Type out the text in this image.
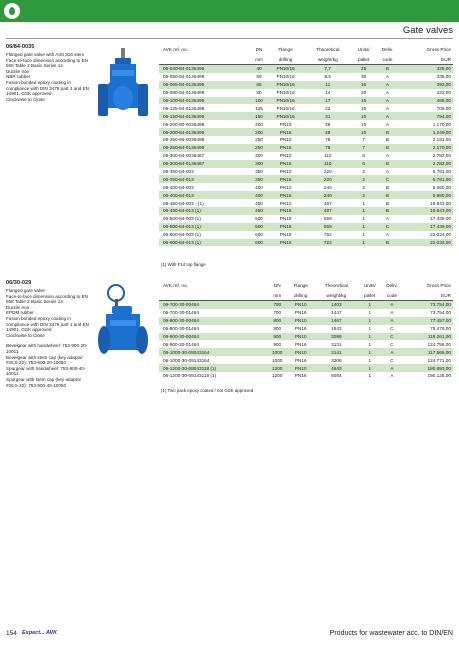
Gate valves
06/84-0035
Flanged gate valve with AISI 316 stem
Face-to-face dimension according to EN 558 Table 2 Basic Series 14
Ductile Iron
NBR rubber
Fusion bonded epoxy coating in compliance with DIN 3476 part 1 and EN 14901, GSK approved
Clockwise to Close
AVK ref. no.	DN	Flange	Theoretical	Units/	Deliv.	Gross Price
	mm	drilling	weight/kg	pallet	code	EUR
06-040-84-0136499	40	PN10/16	7,7	25	B	325,00
06-050-84-0136499	50	PN10/16	8,5	30	A	335,00
06-065-84-0136499	65	PN10/16	11	16	A	392,00
06-080-84-0136499	80	PN10/16	14	20	A	422,00
06-100-84-0136499	100	PN10/16	17	15	A	468,00
06-125-84-0136499	125	PN10/16	22	15	A	709,00
06-150-84-0136499	150	PN10/16	31	10	A	794,00
06-200-80-0036499	200	PN10	48	10	A	1.170,00
06-200-84-0136499	200	PN16	48	10	B	1.249,00
06-250-86-0036499	250	PN10	78	7	B	2.181,00
06-250-84-0136499	250	PN16	78	7	B	2.170,00
06-300-84-0036487	300	PN10	110	6	A	2.782,00
06-300-84-0136487	300	PN16	110	6	B	2.782,00
06-350-84-003	350	PN10	220	2	A	5.781,00
06-350-84-013	350	PN16	220	2	C	5.781,00
06-400-84-003	400	PN10	240	2	B	6.060,00
06-400-84-013	400	PN16	240	2	B	5.980,00
06-450-84-003 - (1)	450	PN10	487	1	B	19.543,00
06-450-84-013 (1)	450	PN16	487	1	B	19.543,00
06-500-84-003 (1)	500	PN10	559	1	A	17.439,00
06-500-84-013 (1)	500	PN16	559	1	C	17.439,00
06-600-84-003 (1)	600	PN10	762	1	A	22.034,00
06-600-84-013 (1)	600	PN16	722	1	B	22.034,00
(1) With F14 top flange
06/30-029
Flanged gate valve
Face-to-face dimension according to EN 558 Table 2 Basic Series 14
Ductile Iron
EPDM rubber
Fusion bonded epoxy coating in compliance with DIN 3476 part 1 and EN 14901, GSK approved
Clockwise to Close
Bevelgear with handwheel: 753-900-20-10011
Bevelgear with stem cap (key adaptor #26,5-32): 753-900-20-10050
Spurgear with handwheel: 753-900-40-10011
Spurgear with stem cap (key adaptor #26,5-32): 753-900-40-10050
AVK ref. no.	DN	Flange	Theoretical	Units/	Deliv.	Gross Price
	mm	drilling	weight/kg	pallet	code	EUR
06-700-30-00464	700	PN10	1403	1	A	73.754,00
06-700-30-01464	700	PN16	1447	1	A	73.754,00
06-800-30-00464	800	PN10	1467	1	A	77.457,00
06-800-30-01464	800	PN16	1543	1	C	75.478,00
06-900-30-00464	900	PN10	3099	1	C	118.261,00
06-900-30-01464	900	PN16	3131	1	C	124.756,00
06-1000-30-09043164	1000	PN10	3141	1	A	117.566,00
06-1000-30-09143164	1000	PN16	3208	1	C	124.771,00
06-1200-30-09043118 (1)	1200	PN10	4643	1	A	180.893,00
06-1200-30-09143118 (1)	1200	PN16	5084	1	A	190.125,00
(1) Two pack epoxy coated / not GSK approved
154 Expect... AVK	Products for wastewater acc. to DIN/EN
